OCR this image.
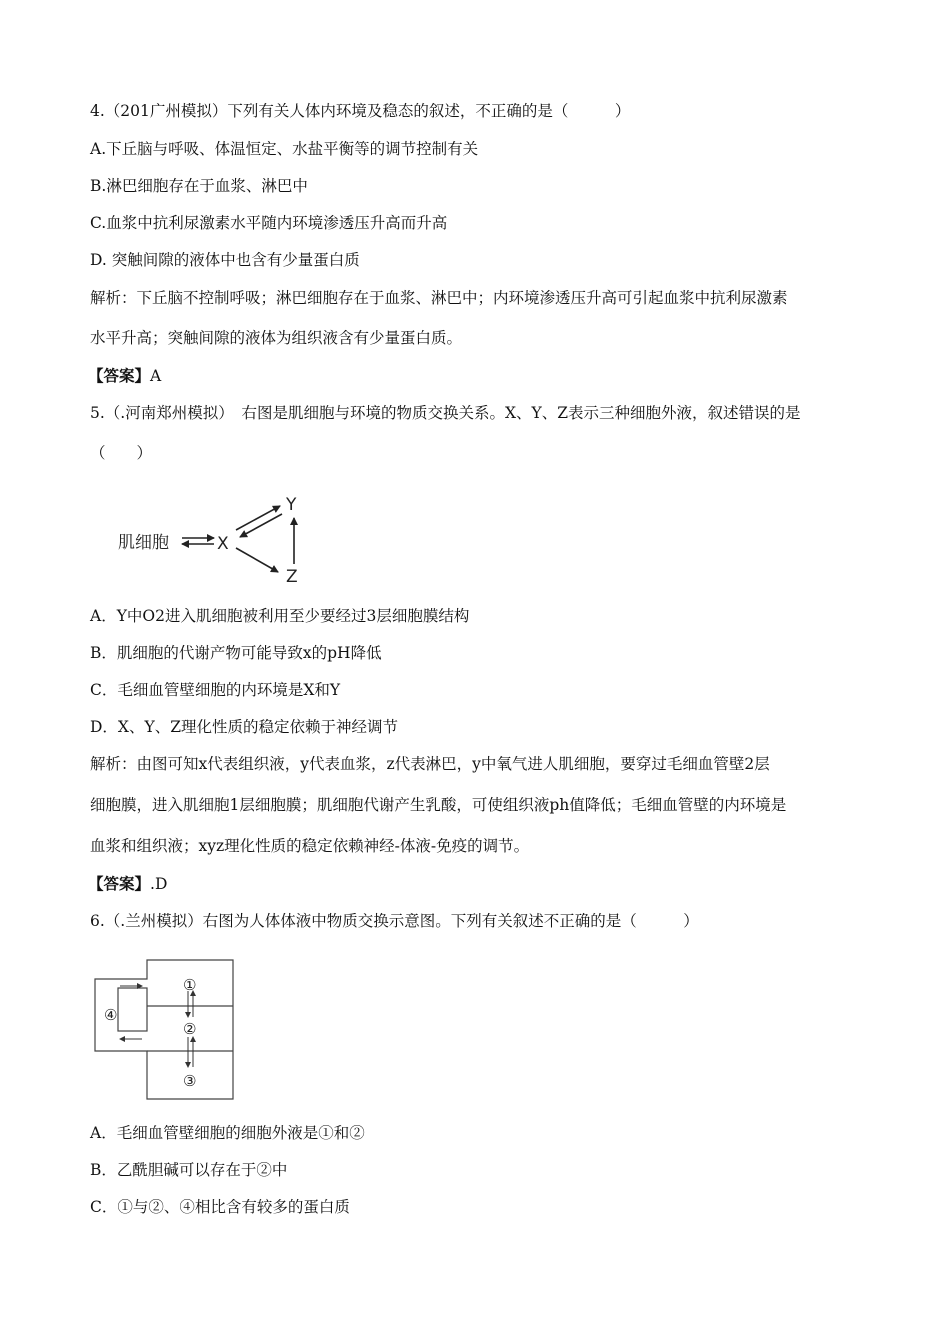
4.（201广州模拟）下列有关人体内环境及稳态的叙述，不正确的是（　　　）
A.下丘脑与呼吸、体温恒定、水盐平衡等的调节控制有关
B.淋巴细胞存在于血浆、淋巴中
C.血浆中抗利尿激素水平随内环境渗透压升高而升高
D. 突触间隙的液体中也含有少量蛋白质
解析：下丘脑不控制呼吸；淋巴细胞存在于血浆、淋巴中；内环境渗透压升高可引起血浆中抗利尿激素
水平升高；突触间隙的液体为组织液含有少量蛋白质。
【答案】A
5.（.河南郑州模拟）　右图是肌细胞与环境的物质交换关系。X、Y、Z表示三种细胞外液，叙述错误的是
（　　）
肌细胞	X
Y
Z
A．Y中O2进入肌细胞被利用至少要经过3层细胞膜结构
B．肌细胞的代谢产物可能导致x的pH降低
C．毛细血管壁细胞的内环境是X和Y
D．X、Y、Z理化性质的稳定依赖于神经调节
解析：由图可知x代表组织液，y代表血浆，z代表淋巴，y中氧气进人肌细胞，要穿过毛细血管壁2层
细胞膜，进入肌细胞1层细胞膜；肌细胞代谢产生乳酸，可使组织液ph值降低；毛细血管壁的内环境是
血浆和组织液；xyz理化性质的稳定依赖神经-体液-免疫的调节。
【答案】.D
6.（.兰州模拟）右图为人体体液中物质交换示意图。下列有关叙述不正确的是（　　　）
①
②
③
④
A．毛细血管壁细胞的细胞外液是①和②
B．乙酰胆碱可以存在于②中
C．①与②、④相比含有较多的蛋白质
